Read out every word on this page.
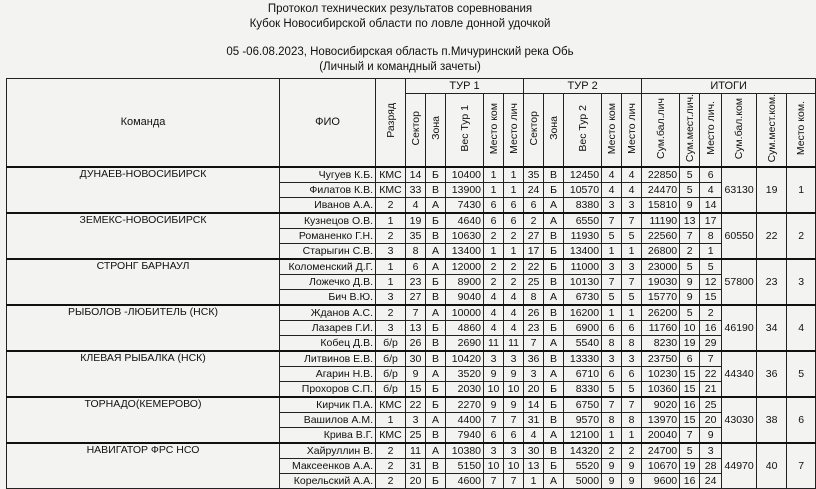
Протокол технических результатов соревнования
Кубок Новосибирской области по ловле донной удочкой
05 -06.08.2023, Новосибирская область п.Мичуринский река Обь
(Личный и командный зачеты)
Команда	ФИО	Разряд	ТУР 1					ТУР 2					ИТОГИ					
			Сектор	Зона	Вес Тур 1	Место ком	Место лич	Сектор	Зона	Вес Тур 2	Место ком	Место лич	Сум.бал.лич	Сум.мест.лич.	Место лич.	Сум.бал.ком	Сум.мест.ком.	Место ком.
ДУНАЕВ-НОВОСИБИРСК	Чугуев К.Б.	КМС	14	Б	10400	1	1	35	В	12450	4	4	22850	5	6	63130	19	1
	Филатов К.В.	КМС	33	В	13900	1	1	24	Б	10570	4	4	24470	5	4			
	Иванов А.А.	2	4	А	7430	6	6	6	А	8380	3	3	15810	9	14			
ЗЕМЕКС-НОВОСИБИРСК	Кузнецов О.В.	1	19	Б	4640	6	6	2	А	6550	7	7	11190	13	17	60550	22	2
	Романенко Г.Н.	2	35	В	10630	2	2	27	В	11930	5	5	22560	7	8			
	Старыгин С.В.	3	8	А	13400	1	1	17	Б	13400	1	1	26800	2	1			
СТРОНГ БАРНАУЛ	Коломенский Д.Г.	1	6	А	12000	2	2	22	Б	11000	3	3	23000	5	5	57800	23	3
	Ложечко Д.В.	1	23	Б	8900	2	2	25	В	10130	7	7	19030	9	12			
	Бич В.Ю.	3	27	В	9040	4	4	8	А	6730	5	5	15770	9	15			
РЫБОЛОВ -ЛЮБИТЕЛЬ (НСК)	Жданов А.С.	2	7	А	10000	4	4	26	В	16200	1	1	26200	5	2	46190	34	4
	Лазарев Г.И.	3	13	Б	4860	4	4	23	Б	6900	6	6	11760	10	16			
	Кобец Д.В.	б/р	26	В	2690	11	11	7	А	5540	8	8	8230	19	29			
КЛЕВАЯ РЫБАЛКА (НСК)	Литвинов Е.В.	б/р	30	В	10420	3	3	36	В	13330	3	3	23750	6	7	44340	36	5
	Агарин Н.В.	б/р	9	А	3520	9	9	3	А	6710	6	6	10230	15	22			
	Прохоров С.П.	б/р	15	Б	2030	10	10	20	Б	8330	5	5	10360	15	21			
ТОРНАДО(КЕМЕРОВО)	Кирчик П.А.	КМС	22	Б	2270	9	9	14	Б	6750	7	7	9020	16	25	43030	38	6
	Вашилов А.М.	1	3	А	4400	7	7	31	В	9570	8	8	13970	15	20			
	Крива В.Г.	КМС	25	В	7940	6	6	4	А	12100	1	1	20040	7	9			
НАВИГАТОР ФРС НСО	Хайруллин В.	2	11	А	10380	3	3	30	В	14320	2	2	24700	5	3	44970	40	7
	Максеенков А.А.	2	31	В	5150	10	10	13	Б	5520	9	9	10670	19	28			
	Корельский А.А.	2	20	Б	4600	7	7	1	А	5000	9	9	9600	16	24			
